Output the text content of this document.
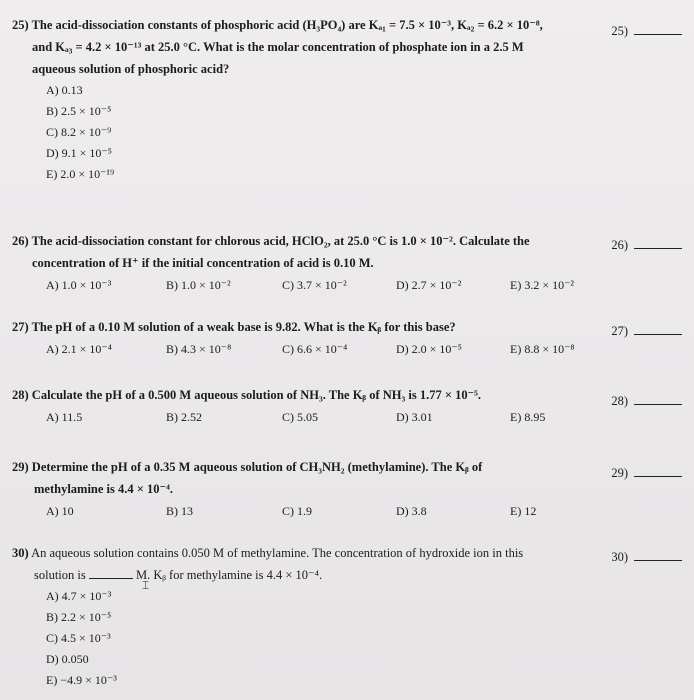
25) The acid-dissociation constants of phosphoric acid (H₃PO₄) are Kₐ₁ = 7.5 × 10⁻³, Kₐ₂ = 6.2 × 10⁻⁸,
and Kₐ₃ = 4.2 × 10⁻¹³ at 25.0 °C. What is the molar concentration of phosphate ion in a 2.5 M
aqueous solution of phosphoric acid?
A) 0.13
B) 2.5 × 10⁻⁵
C) 8.2 × 10⁻⁹
D) 9.1 × 10⁻⁵
E) 2.0 × 10⁻¹⁹
25)
26) The acid-dissociation constant for chlorous acid, HClO₂, at 25.0 °C is 1.0 × 10⁻². Calculate the
concentration of H⁺ if the initial concentration of acid is 0.10 M.
A) 1.0 × 10⁻³	B) 1.0 × 10⁻²	C) 3.7 × 10⁻²	D) 2.7 × 10⁻²	E) 3.2 × 10⁻²
26)
27) The pH of a 0.10 M solution of a weak base is 9.82. What is the Kᵦ for this base?
A) 2.1 × 10⁻⁴	B) 4.3 × 10⁻⁸	C) 6.6 × 10⁻⁴	D) 2.0 × 10⁻⁵	E) 8.8 × 10⁻⁸
27)
28) Calculate the pH of a 0.500 M aqueous solution of NH₃. The Kᵦ of NH₃ is 1.77 × 10⁻⁵.
A) 11.5	B) 2.52	C) 5.05	D) 3.01	E) 8.95
28)
29) Determine the pH of a 0.35 M aqueous solution of CH₃NH₂ (methylamine). The Kᵦ of
methylamine is 4.4 × 10⁻⁴.
A) 10	B) 13	C) 1.9	D) 3.8	E) 12
29)
30) An aqueous solution contains 0.050 M of methylamine. The concentration of hydroxide ion in this
solution is	M. Kᵦ for methylamine is 4.4 × 10⁻⁴.
A) 4.7 × 10⁻³
B) 2.2 × 10⁻⁵
C) 4.5 × 10⁻³
D) 0.050
E) −4.9 × 10⁻³
30)
⌶
